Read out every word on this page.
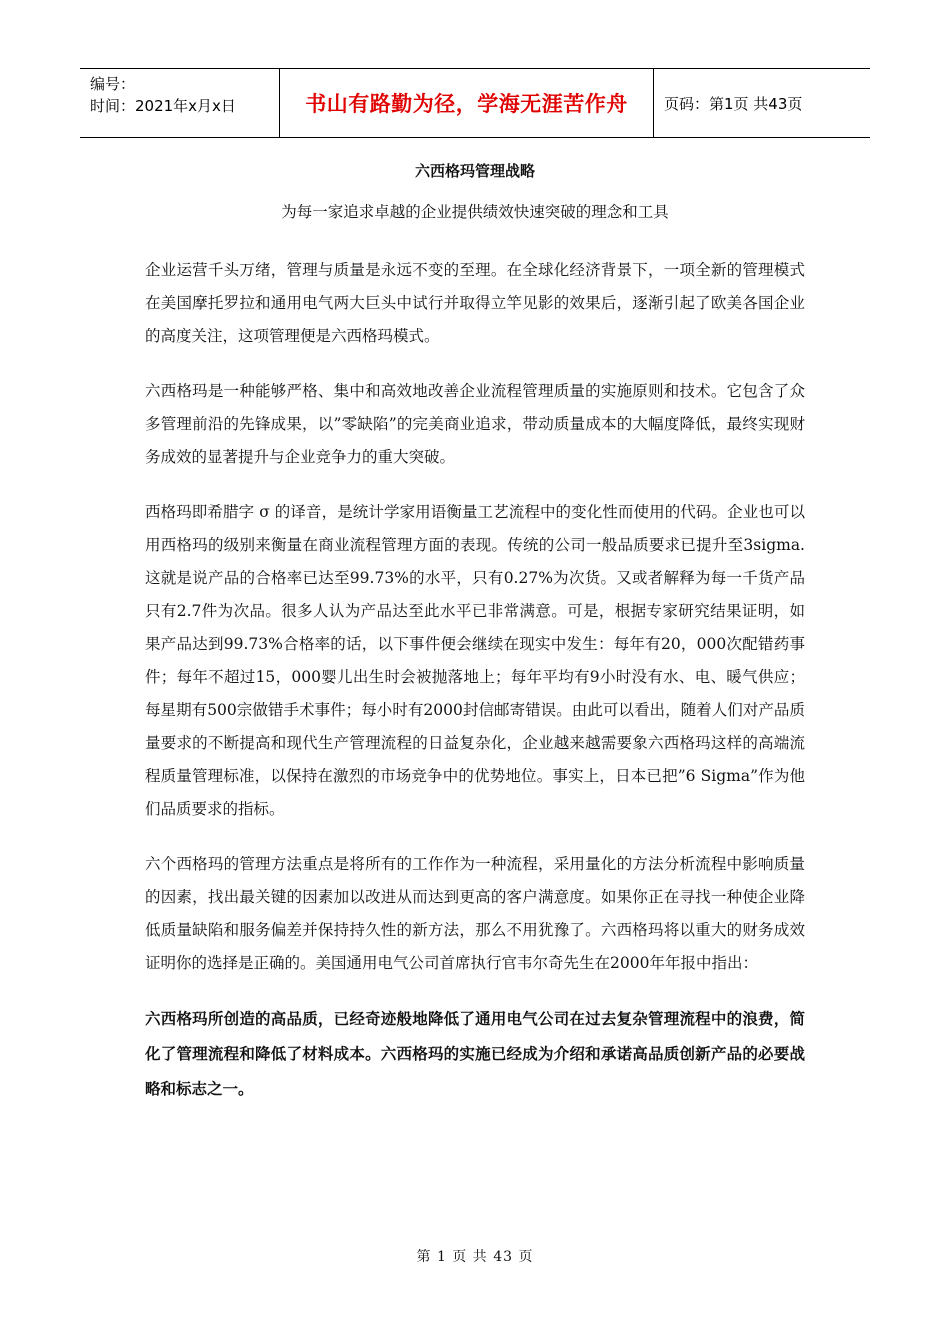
编号：
时间：2021年x月x日	书山有路勤为径，学海无涯苦作舟	页码：第1页 共43页
六西格玛管理战略
为每一家追求卓越的企业提供绩效快速突破的理念和工具

企业运营千头万绪，管理与质量是永远不变的至理。在全球化经济背景下，一项全新的管理模式在美国摩托罗拉和通用电气两大巨头中试行并取得立竿见影的效果后，逐渐引起了欧美各国企业的高度关注，这项管理便是六西格玛模式。

六西格玛是一种能够严格、集中和高效地改善企业流程管理质量的实施原则和技术。它包含了众多管理前沿的先锋成果，以”零缺陷”的完美商业追求，带动质量成本的大幅度降低，最终实现财务成效的显著提升与企业竞争力的重大突破。

西格玛即希腊字 σ 的译音，是统计学家用语衡量工艺流程中的变化性而使用的代码。企业也可以用西格玛的级别来衡量在商业流程管理方面的表现。传统的公司一般品质要求已提升至3sigma.这就是说产品的合格率已达至99.73%的水平，只有0.27%为次货。又或者解释为每一千货产品只有2.7件为次品。很多人认为产品达至此水平已非常满意。可是，根据专家研究结果证明，如果产品达到99.73%合格率的话，以下事件便会继续在现实中发生：每年有20，000次配错药事件；每年不超过15，000婴儿出生时会被抛落地上；每年平均有9小时没有水、电、暖气供应；每星期有500宗做错手术事件；每小时有2000封信邮寄错误。由此可以看出，随着人们对产品质量要求的不断提高和现代生产管理流程的日益复杂化，企业越来越需要象六西格玛这样的高端流程质量管理标准，以保持在激烈的市场竞争中的优势地位。事实上，日本已把”6 Sigma”作为他们品质要求的指标。

六个西格玛的管理方法重点是将所有的工作作为一种流程，采用量化的方法分析流程中影响质量的因素，找出最关键的因素加以改进从而达到更高的客户满意度。如果你正在寻找一种使企业降低质量缺陷和服务偏差并保持持久性的新方法，那么不用犹豫了。六西格玛将以重大的财务成效证明你的选择是正确的。美国通用电气公司首席执行官韦尔奇先生在2000年年报中指出：

六西格玛所创造的高品质，已经奇迹般地降低了通用电气公司在过去复杂管理流程中的浪费，简化了管理流程和降低了材料成本。六西格玛的实施已经成为介绍和承诺高品质创新产品的必要战略和标志之一。

第 1 页 共 43 页
